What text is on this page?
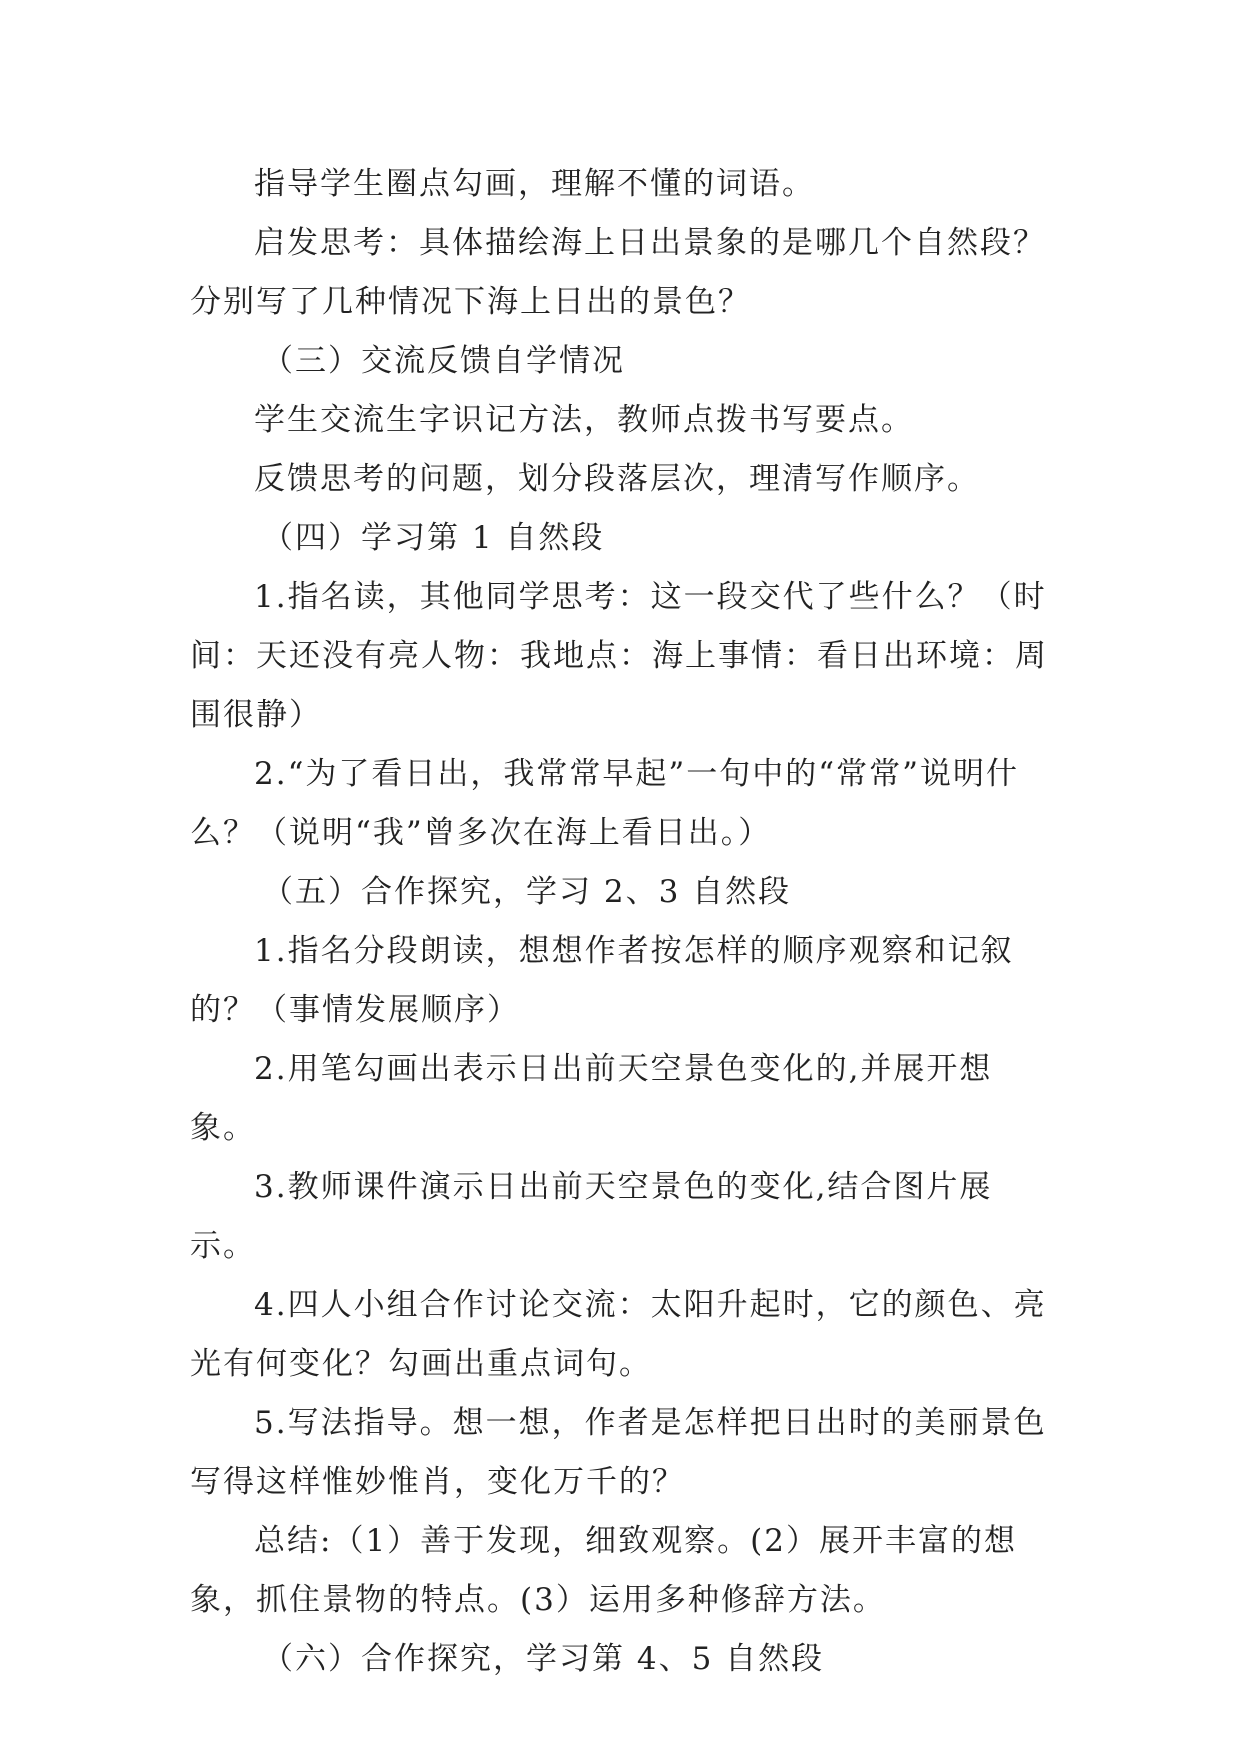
指导学生圈点勾画，理解不懂的词语。

启发思考：具体描绘海上日出景象的是哪几个自然段？分别写了几种情况下海上日出的景色？

（三）交流反馈自学情况

学生交流生字识记方法，教师点拨书写要点。

反馈思考的问题，划分段落层次，理清写作顺序。

（四）学习第 1 自然段

1.指名读，其他同学思考：这一段交代了些什么？（时间：天还没有亮人物：我地点：海上事情：看日出环境：周围很静）

2.“为了看日出，我常常早起”一句中的“常常”说明什么？（说明“我”曾多次在海上看日出。）

（五）合作探究，学习 2、3 自然段

1.指名分段朗读，想想作者按怎样的顺序观察和记叙的？（事情发展顺序）

2.用笔勾画出表示日出前天空景色变化的,并展开想象。

3.教师课件演示日出前天空景色的变化,结合图片展示。

4.四人小组合作讨论交流：太阳升起时，它的颜色、亮光有何变化？勾画出重点词句。

5.写法指导。想一想，作者是怎样把日出时的美丽景色写得这样惟妙惟肖，变化万千的？

总结:（1）善于发现，细致观察。(2）展开丰富的想象，抓住景物的特点。(3）运用多种修辞方法。

（六）合作探究，学习第 4、5 自然段
